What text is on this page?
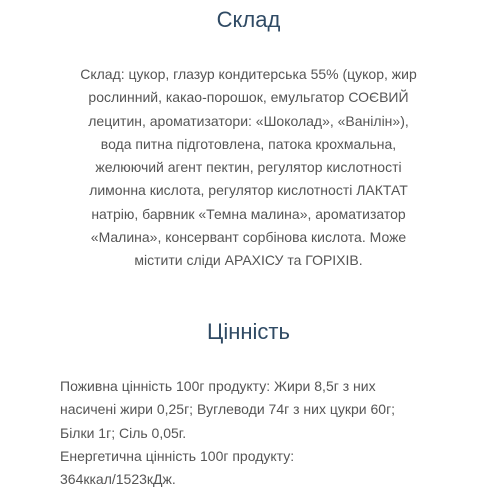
Склад

Склад: цукор, глазур кондитерська 55% (цукор, жир
рослинний, какао-порошок, емульгатор СОЄВИЙ
лецитин, ароматизатори: «Шоколад», «Ванілін»),
вода питна підготовлена, патока крохмальна,
желюючий агент пектин, регулятор кислотності
лимонна кислота, регулятор кислотності ЛАКТАТ
натрію, барвник «Темна малина», ароматизатор
«Малина», консервант сорбінова кислота. Може
містити сліди АРАХІСУ та ГОРІХІВ.

Цінність

Поживна цінність 100г продукту: Жири 8,5г з них
насичені жири 0,25г; Вуглеводи 74г з них цукри 60г;
Білки 1г; Сіль 0,05г.
Енергетична цінність 100г продукту:
364ккал/1523кДж.
